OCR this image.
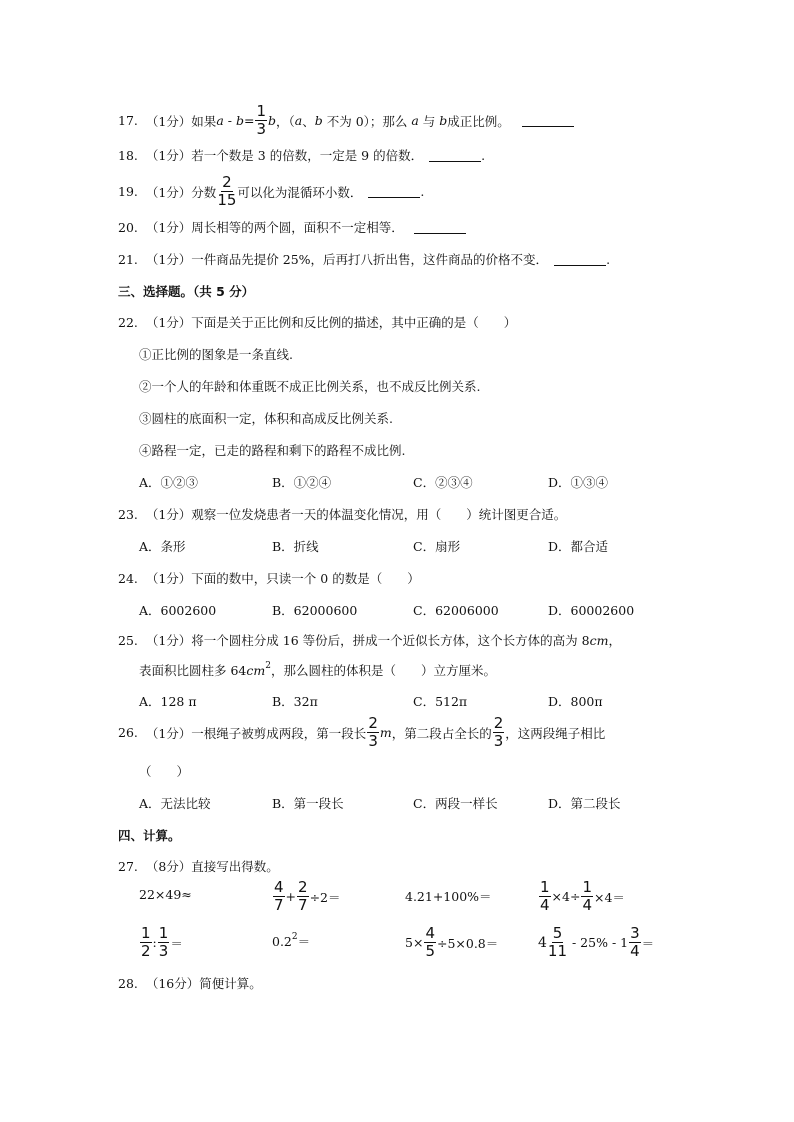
17.
（1分） 如果 $a - b = \frac{1}{3}$ b ，（ a 、 b 不为 0）；那么 a 与 b 成正比例。
18.
（1分） 若一个数是 3 的倍数，一定是 9 的倍数．	.
19.
（1分） 分数 $\frac{2}{15}$ 可以化为混循环小数．	.
20.
（1分） 周长相等的两个圆，面积不一定相等．
21.
（1分） 一件商品先提价 25%，后再打八折出售，这件商品的价格不变．	.
三、选择题。（共 5 分）
22.
（1分） 下面是关于正比例和反比例的描述，其中正确的是（　　）
①正比例的图象是一条直线.
②一个人的年龄和体重既不成正比例关系，也不成反比例关系.
③圆柱的底面积一定，体积和高成反比例关系.
④路程一定，已走的路程和剩下的路程不成比例.
A．①②③	B．①②④	C．②③④	D．①③④
23.
（1分） 观察一位发烧患者一天的体温变化情况，用（　　）统计图更合适。
A．条形	B．折线	C．扇形	D．都合适
24.
（1分） 下面的数中，只读一个 0 的数是（　　）
A．6002600	B．62000600	C．62006000	D．60002600
25.
（1分） 将一个圆柱分成 16 等份后，拼成一个近似长方体，这个长方体的高为 8 cm ，
表面积比圆柱多 64 $cm^2$ ，那么圆柱的体积是（　　）立方厘米。
A．128 π	B．32π	C．512π	D．800π
26.
（1分） 一根绳子被剪成两段，第一段长 $\frac{2}{3}$ m ，第二段占全长的 $\frac{2}{3}$ ，这两段绳子相比
（　　）
A．无法比较	B．第一段长	C．两段一样长	D．第二段长
四、计算。
27.
（8分） 直接写出得数。
22×49≈	$\frac{4}{7} + \frac{2}{7} \div 2=$	4.21+100%＝	$\frac{1}{4} \times 4\div \frac{1}{4} \times 4=$
$\frac{1}{2}$ : $\frac{1}{3}$ ＝	$0.2^2$ ＝	$5\times \frac{4}{5} \div 5\times 0.8=$	$4 \frac{5}{11} - 25\% - 1 \frac{3}{4}$ ＝
28.
（16分） 简便计算。
